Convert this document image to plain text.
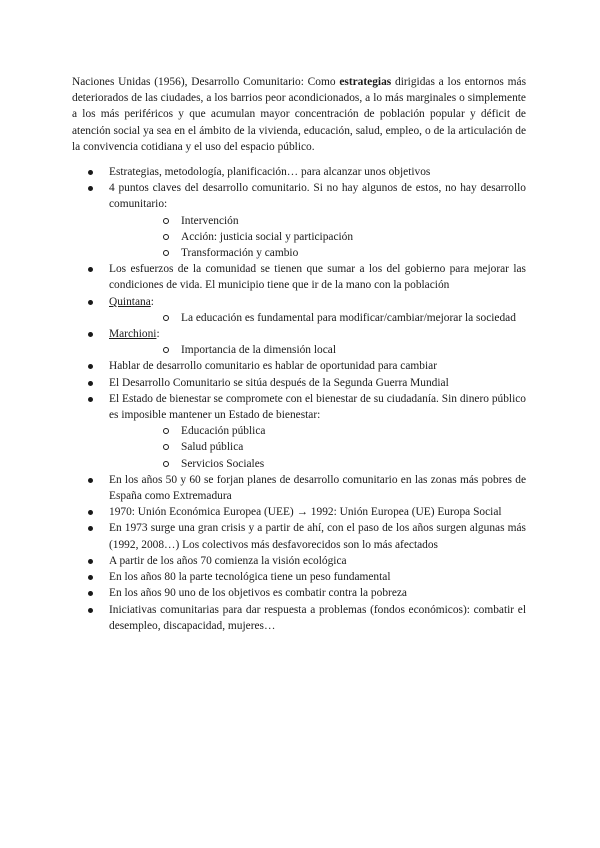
Naciones Unidas (1956), Desarrollo Comunitario: Como estrategias dirigidas a los entornos más deteriorados de las ciudades, a los barrios peor acondicionados, a lo más marginales o simplemente a los más periféricos y que acumulan mayor concentración de población popular y déficit de atención social ya sea en el ámbito de la vivienda, educación, salud, empleo, o de la articulación de la convivencia cotidiana y el uso del espacio público.

Estrategias, metodología, planificación… para alcanzar unos objetivos
4 puntos claves del desarrollo comunitario. Si no hay algunos de estos, no hay desarrollo comunitario:
Intervención
Acción: justicia social y participación
Transformación y cambio
Los esfuerzos de la comunidad se tienen que sumar a los del gobierno para mejorar las condiciones de vida. El municipio tiene que ir de la mano con la población
Quintana:
La educación es fundamental para modificar/cambiar/mejorar la sociedad
Marchioni:
Importancia de la dimensión local
Hablar de desarrollo comunitario es hablar de oportunidad para cambiar
El Desarrollo Comunitario se sitúa después de la Segunda Guerra Mundial
El Estado de bienestar se compromete con el bienestar de su ciudadanía. Sin dinero público es imposible mantener un Estado de bienestar:
Educación pública
Salud pública
Servicios Sociales
En los años 50 y 60 se forjan planes de desarrollo comunitario en las zonas más pobres de España como Extremadura
1970: Unión Económica Europea (UEE) → 1992: Unión Europea (UE) Europa Social
En 1973 surge una gran crisis y a partir de ahí, con el paso de los años surgen algunas más (1992, 2008…) Los colectivos más desfavorecidos son lo más afectados
A partir de los años 70 comienza la visión ecológica
En los años 80 la parte tecnológica tiene un peso fundamental
En los años 90 uno de los objetivos es combatir contra la pobreza
Iniciativas comunitarias para dar respuesta a problemas (fondos económicos): combatir el desempleo, discapacidad, mujeres…
